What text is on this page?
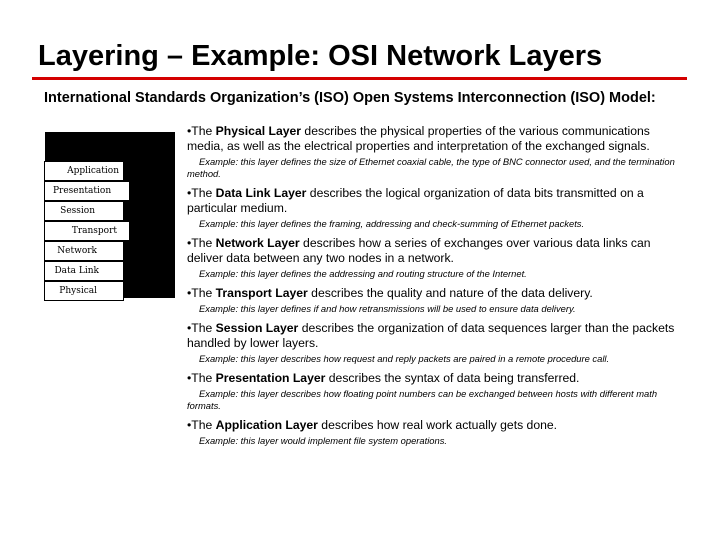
Layering – Example: OSI Network Layers

International Standards Organization’s (ISO) Open Systems Interconnection (ISO) Model:

Application
Presentation
Session
Transport
Network
Data Link
Physical

•The Physical Layer describes the physical properties of the various communications media, as well as the electrical properties and interpretation of the exchanged signals.

Example: this layer defines the size of Ethernet coaxial cable, the type of BNC connector used, and the termination method.

•The Data Link Layer describes the logical organization of data bits transmitted on a particular medium.

Example: this layer defines the framing, addressing and check-summing of Ethernet packets.

•The Network Layer describes how a series of exchanges over various data links can deliver data between any two nodes in a network.

Example: this layer defines the addressing and routing structure of the Internet.

•The Transport Layer describes the quality and nature of the data delivery.

Example: this layer defines if and how retransmissions will be used to ensure data delivery.

•The Session Layer describes the organization of data sequences larger than the packets handled by lower layers.

Example: this layer describes how request and reply packets are paired in a remote procedure call.

•The Presentation Layer describes the syntax of data being transferred.

Example: this layer describes how floating point numbers can be exchanged between hosts with different math formats.

•The Application Layer describes how real work actually gets done.

Example: this layer would implement file system operations.
